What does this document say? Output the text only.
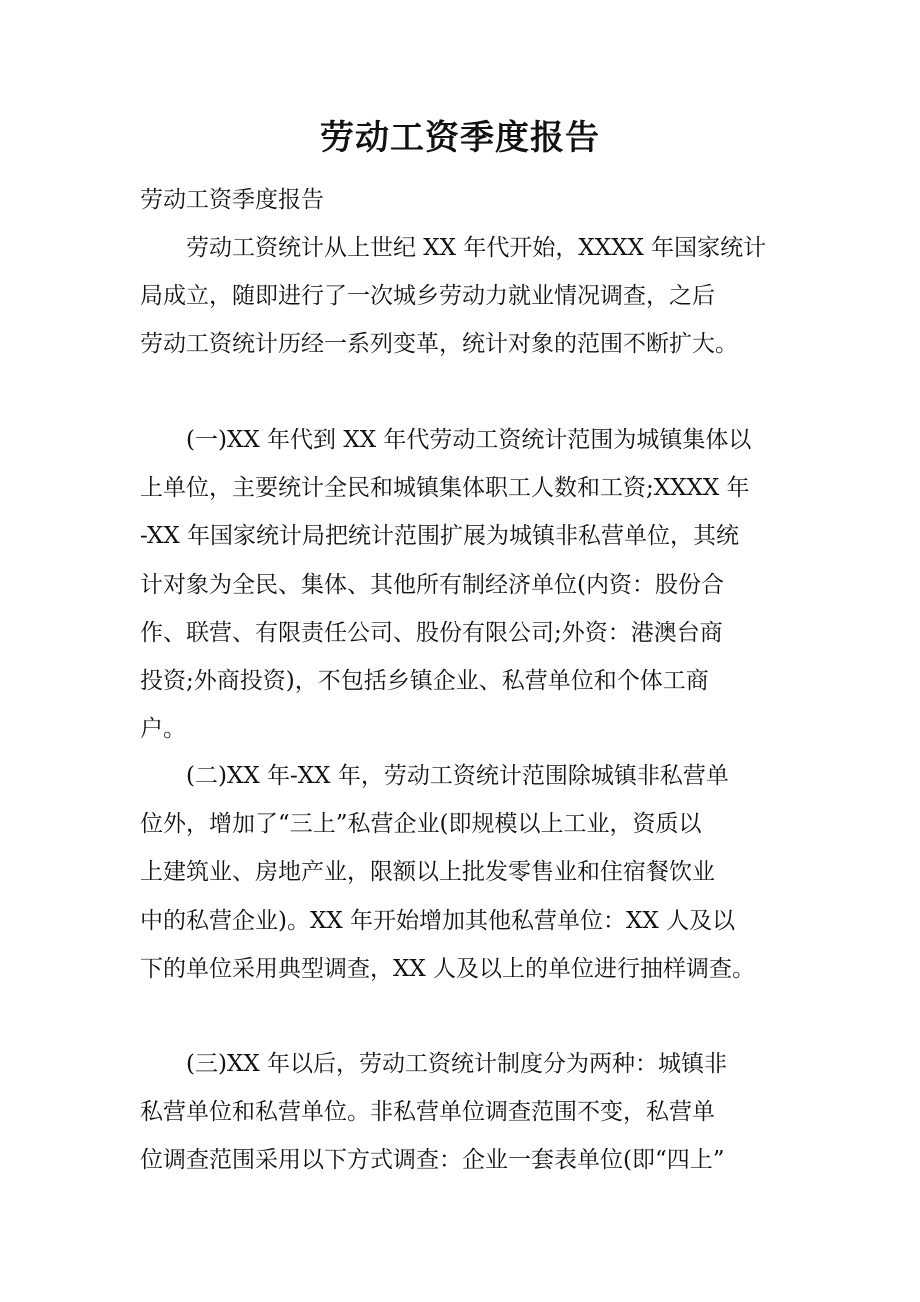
劳动工资季度报告

劳动工资季度报告

劳动工资统计从上世纪 XX 年代开始，XXXX 年国家统计
局成立，随即进行了一次城乡劳动力就业情况调查，之后
劳动工资统计历经一系列变革，统计对象的范围不断扩大。
(一)XX 年代到 XX 年代劳动工资统计范围为城镇集体以
上单位，主要统计全民和城镇集体职工人数和工资;XXXX 年
-XX 年国家统计局把统计范围扩展为城镇非私营单位，其统
计对象为全民、集体、其他所有制经济单位(内资：股份合
作、联营、有限责任公司、股份有限公司;外资：港澳台商
投资;外商投资)，不包括乡镇企业、私营单位和个体工商
户。
(二)XX 年-XX 年，劳动工资统计范围除城镇非私营单
位外，增加了“三上”私营企业(即规模以上工业，资质以
上建筑业、房地产业，限额以上批发零售业和住宿餐饮业
中的私营企业)。XX 年开始增加其他私营单位：XX 人及以
下的单位采用典型调查，XX 人及以上的单位进行抽样调查。
(三)XX 年以后，劳动工资统计制度分为两种：城镇非
私营单位和私营单位。非私营单位调查范围不变，私营单
位调查范围采用以下方式调查：企业一套表单位(即“四上”
